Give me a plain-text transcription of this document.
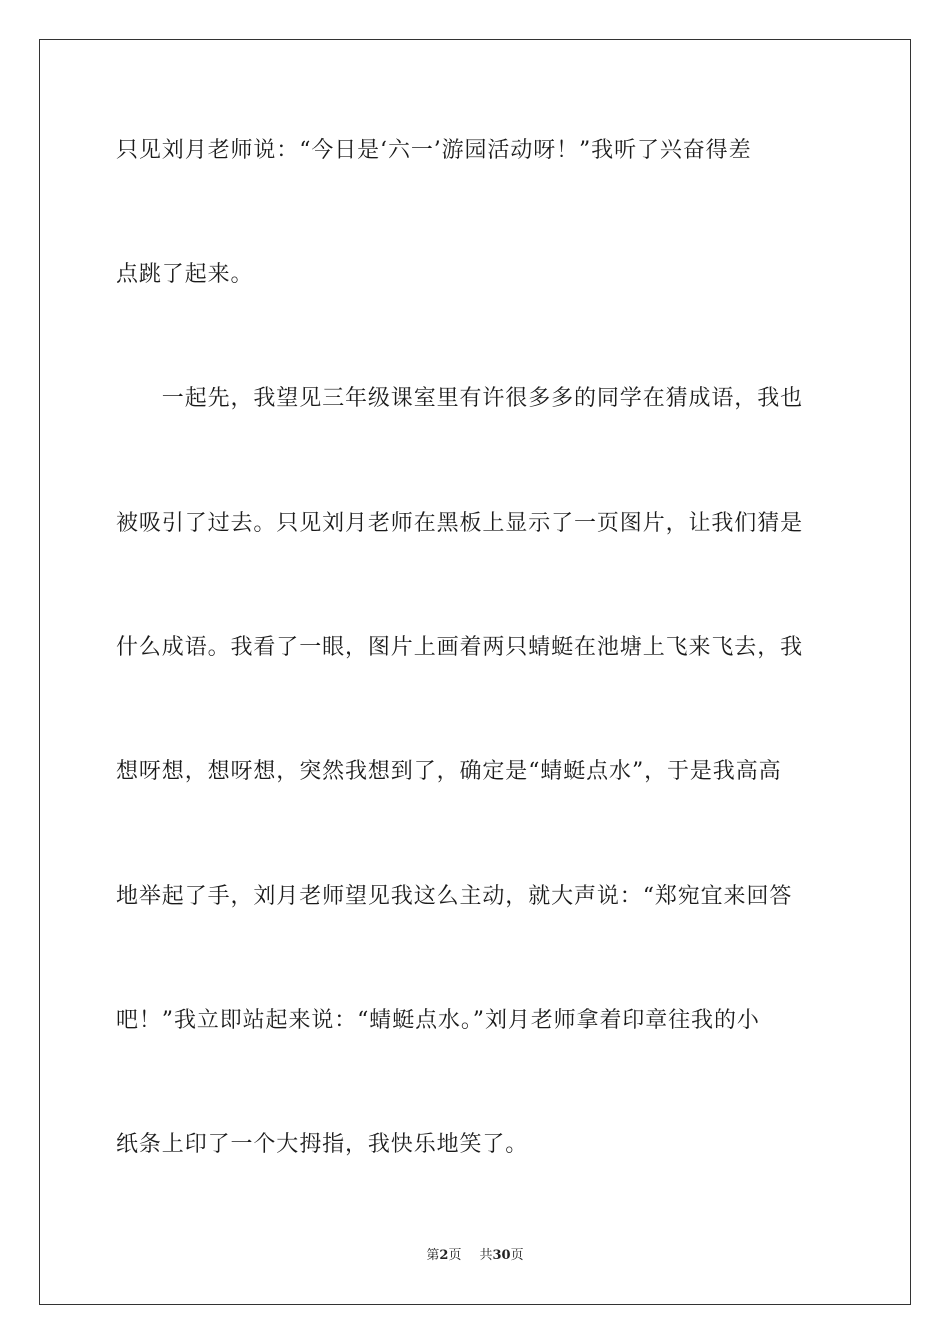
只见刘月老师说：“今日是‘六一’游园活动呀！”我听了兴奋得差
点跳了起来。
　　一起先，我望见三年级课室里有许很多多的同学在猜成语，我也
被吸引了过去。只见刘月老师在黑板上显示了一页图片，让我们猜是
什么成语。我看了一眼，图片上画着两只蜻蜓在池塘上飞来飞去，我
想呀想，想呀想，突然我想到了，确定是“蜻蜓点水”，于是我高高
地举起了手，刘月老师望见我这么主动，就大声说：“郑宛宜来回答
吧！”我立即站起来说：“蜻蜓点水。”刘月老师拿着印章往我的小
纸条上印了一个大拇指，我快乐地笑了。
第2页 共30页
